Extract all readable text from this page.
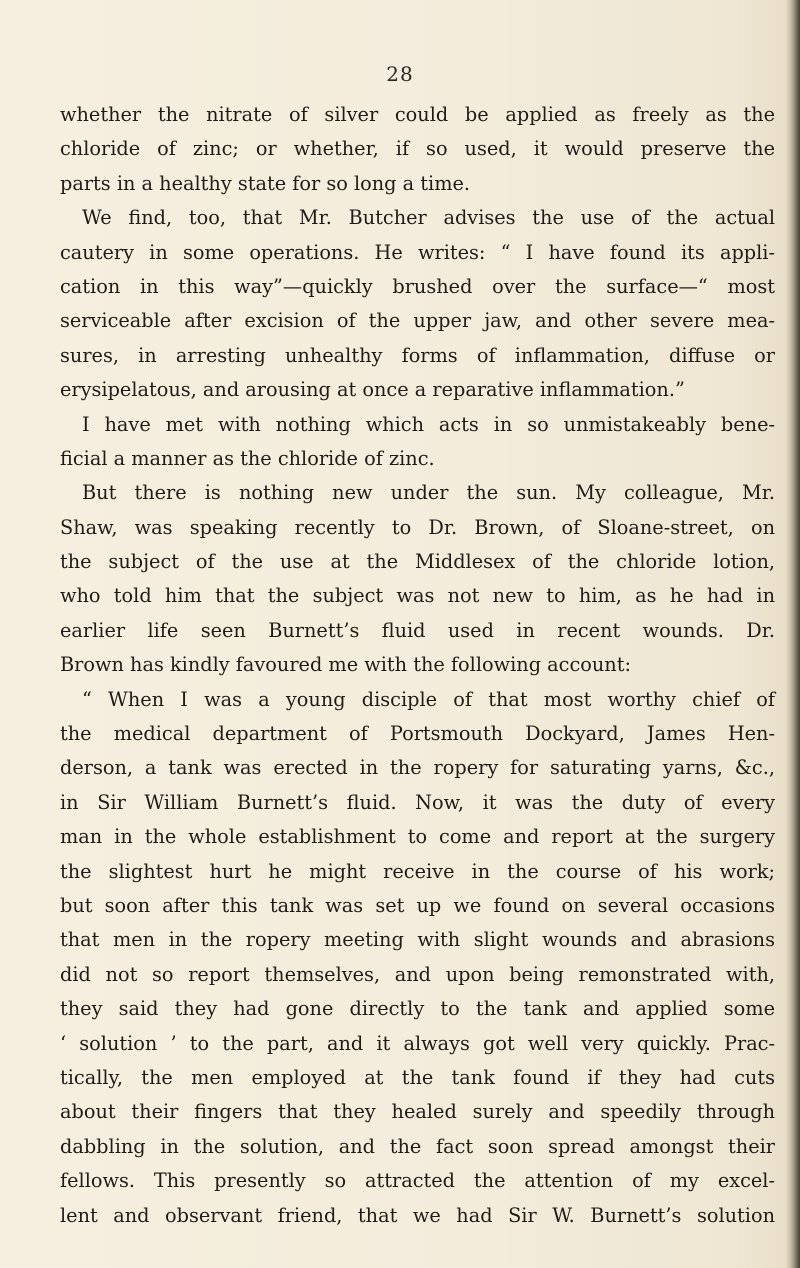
28
whether the nitrate of silver could be applied as freely as the
chloride of zinc; or whether, if so used, it would preserve the
parts in a healthy state for so long a time.
We find, too, that Mr. Butcher advises the use of the actual
cautery in some operations. He writes: “ I have found its appli-
cation in this way”—quickly brushed over the surface—“ most
serviceable after excision of the upper jaw, and other severe mea-
sures, in arresting unhealthy forms of inflammation, diffuse or
erysipelatous, and arousing at once a reparative inflammation.”
I have met with nothing which acts in so unmistakeably bene-
ficial a manner as the chloride of zinc.
But there is nothing new under the sun. My colleague, Mr.
Shaw, was speaking recently to Dr. Brown, of Sloane-street, on
the subject of the use at the Middlesex of the chloride lotion,
who told him that the subject was not new to him, as he had in
earlier life seen Burnett’s fluid used in recent wounds. Dr.
Brown has kindly favoured me with the following account:
“ When I was a young disciple of that most worthy chief of
the medical department of Portsmouth Dockyard, James Hen-
derson, a tank was erected in the ropery for saturating yarns, &c.,
in Sir William Burnett’s fluid. Now, it was the duty of every
man in the whole establishment to come and report at the surgery
the slightest hurt he might receive in the course of his work;
but soon after this tank was set up we found on several occasions
that men in the ropery meeting with slight wounds and abrasions
did not so report themselves, and upon being remonstrated with,
they said they had gone directly to the tank and applied some
‘ solution ’ to the part, and it always got well very quickly. Prac-
tically, the men employed at the tank found if they had cuts
about their fingers that they healed surely and speedily through
dabbling in the solution, and the fact soon spread amongst their
fellows. This presently so attracted the attention of my excel-
lent and observant friend, that we had Sir W. Burnett’s solution
